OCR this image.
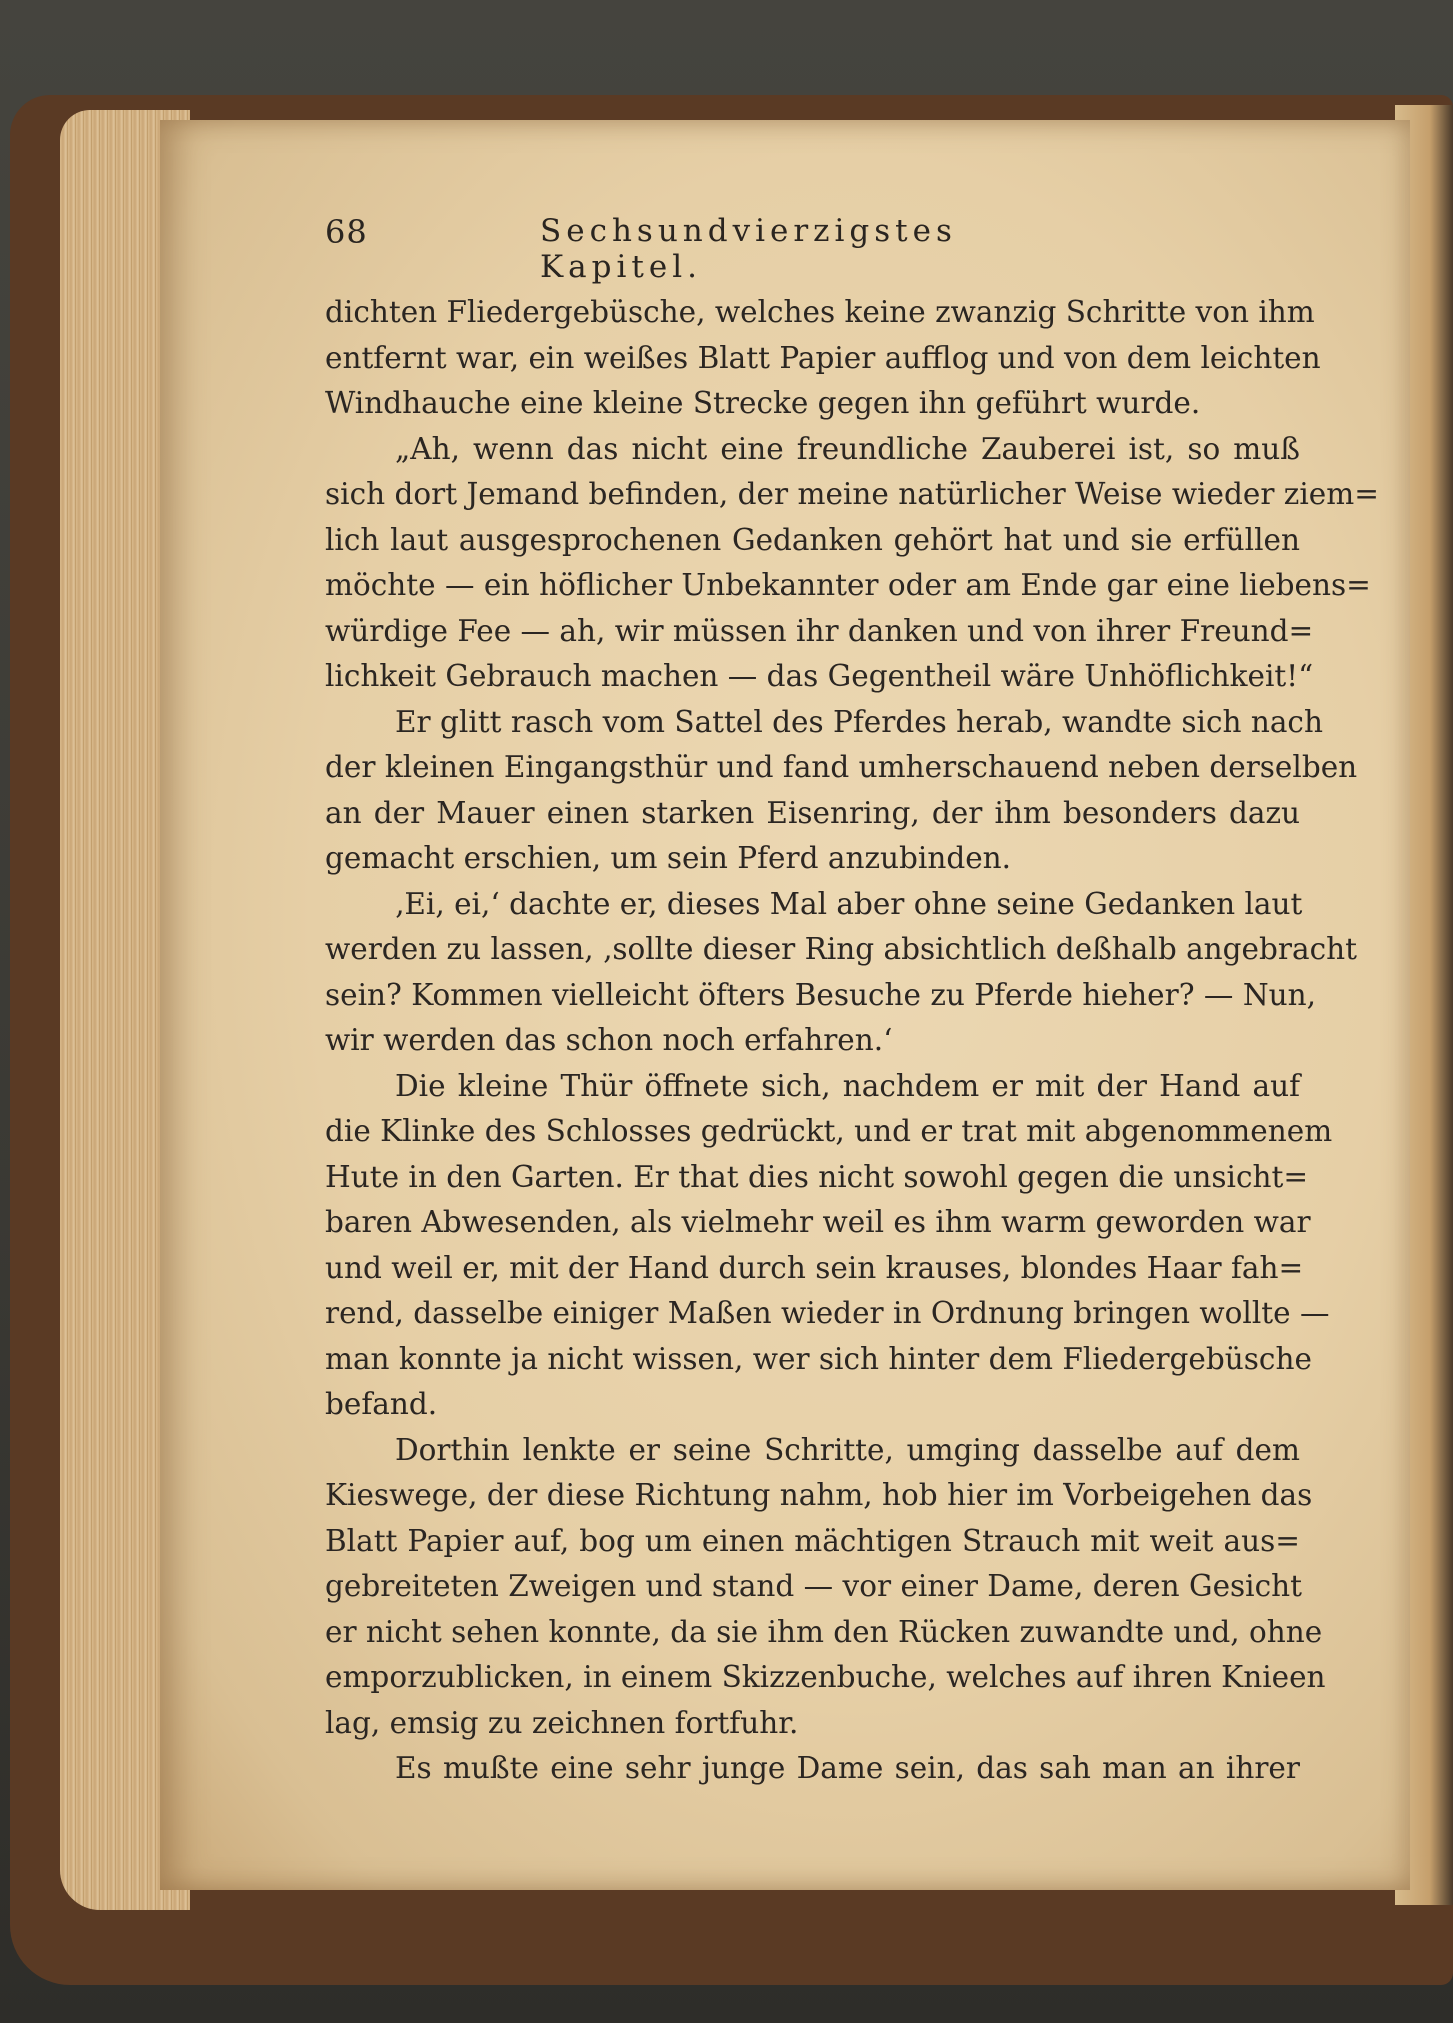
68	Sechsundvierzigstes Kapitel.
dichten Fliedergebüsche, welches keine zwanzig Schritte von ihm
entfernt war, ein weißes Blatt Papier aufflog und von dem leichten
Windhauche eine kleine Strecke gegen ihn geführt wurde.
„Ah, wenn das nicht eine freundliche Zauberei ist, so muß
sich dort Jemand befinden, der meine natürlicher Weise wieder ziem=
lich laut ausgesprochenen Gedanken gehört hat und sie erfüllen
möchte — ein höflicher Unbekannter oder am Ende gar eine liebens=
würdige Fee — ah, wir müssen ihr danken und von ihrer Freund=
lichkeit Gebrauch machen — das Gegentheil wäre Unhöflichkeit!“
Er glitt rasch vom Sattel des Pferdes herab, wandte sich nach
der kleinen Eingangsthür und fand umherschauend neben derselben
an der Mauer einen starken Eisenring, der ihm besonders dazu
gemacht erschien, um sein Pferd anzubinden.
‚Ei, ei,‘ dachte er, dieses Mal aber ohne seine Gedanken laut
werden zu lassen, ‚sollte dieser Ring absichtlich deßhalb angebracht
sein? Kommen vielleicht öfters Besuche zu Pferde hieher? — Nun,
wir werden das schon noch erfahren.‘
Die kleine Thür öffnete sich, nachdem er mit der Hand auf
die Klinke des Schlosses gedrückt, und er trat mit abgenommenem
Hute in den Garten. Er that dies nicht sowohl gegen die unsicht=
baren Abwesenden, als vielmehr weil es ihm warm geworden war
und weil er, mit der Hand durch sein krauses, blondes Haar fah=
rend, dasselbe einiger Maßen wieder in Ordnung bringen wollte —
man konnte ja nicht wissen, wer sich hinter dem Fliedergebüsche
befand.
Dorthin lenkte er seine Schritte, umging dasselbe auf dem
Kieswege, der diese Richtung nahm, hob hier im Vorbeigehen das
Blatt Papier auf, bog um einen mächtigen Strauch mit weit aus=
gebreiteten Zweigen und stand — vor einer Dame, deren Gesicht
er nicht sehen konnte, da sie ihm den Rücken zuwandte und, ohne
emporzublicken, in einem Skizzenbuche, welches auf ihren Knieen
lag, emsig zu zeichnen fortfuhr.
Es mußte eine sehr junge Dame sein, das sah man an ihrer
